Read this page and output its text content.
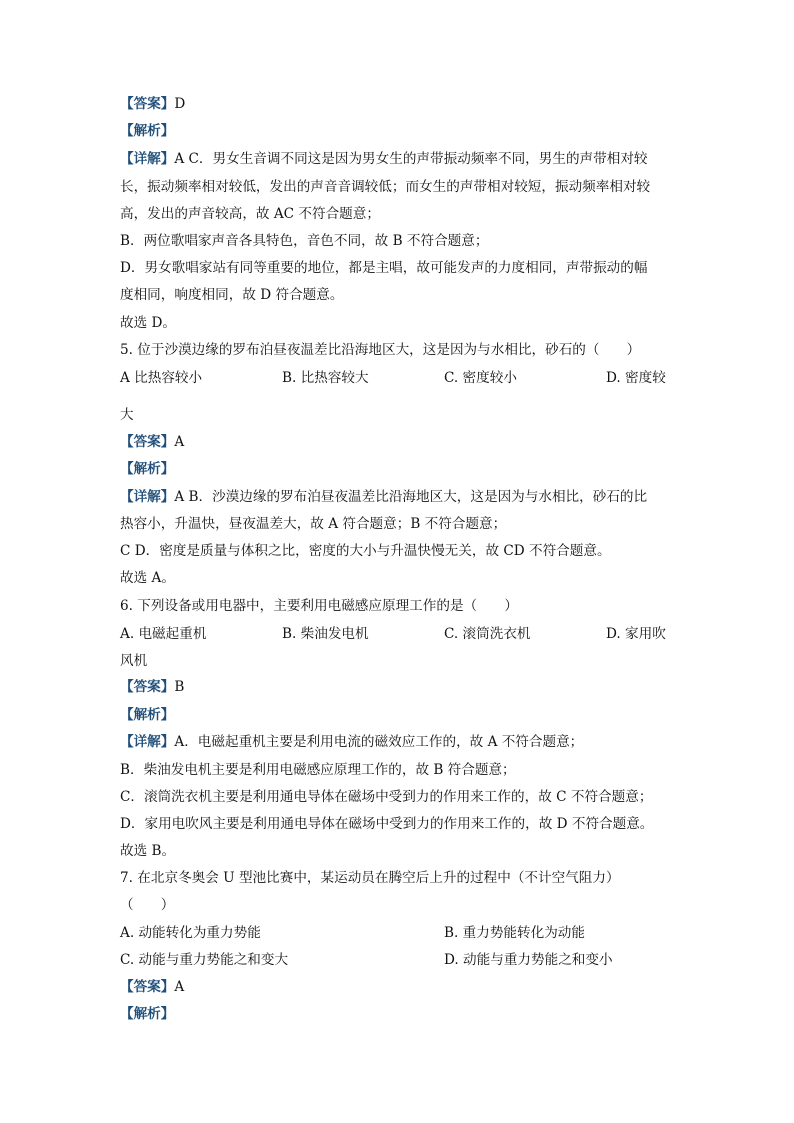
【答案】D
【解析】
【详解】A C．男女生音调不同这是因为男女生的声带振动频率不同，男生的声带相对较
长，振动频率相对较低，发出的声音音调较低；而女生的声带相对较短，振动频率相对较
高，发出的声音较高，故 AC 不符合题意；
B．两位歌唱家声音各具特色，音色不同，故 B 不符合题意；
D．男女歌唱家站有同等重要的地位，都是主唱，故可能发声的力度相同，声带振动的幅
度相同，响度相同，故 D 符合题意。
故选 D。
5. 位于沙漠边缘的罗布泊昼夜温差比沿海地区大，这是因为与水相比，砂石的（　　）
A 比热容较小	B. 比热容较大	C. 密度较小	D. 密度较
大
【答案】A
【解析】
【详解】A B．沙漠边缘的罗布泊昼夜温差比沿海地区大，这是因为与水相比，砂石的比
热容小，升温快，昼夜温差大，故 A 符合题意；B 不符合题意；
C D．密度是质量与体积之比，密度的大小与升温快慢无关，故 CD 不符合题意。
故选 A。
6. 下列设备或用电器中，主要利用电磁感应原理工作的是（　　）
A. 电磁起重机	B. 柴油发电机	C. 滚筒洗衣机	D. 家用吹
风机
【答案】B
【解析】
【详解】A．电磁起重机主要是利用电流的磁效应工作的，故 A 不符合题意；
B．柴油发电机主要是利用电磁感应原理工作的，故 B 符合题意；
C．滚筒洗衣机主要是利用通电导体在磁场中受到力的作用来工作的，故 C 不符合题意；
D．家用电吹风主要是利用通电导体在磁场中受到力的作用来工作的，故 D 不符合题意。
故选 B。
7. 在北京冬奥会 U 型池比赛中，某运动员在腾空后上升的过程中（不计空气阻力）
（　　）
A. 动能转化为重力势能	B. 重力势能转化为动能
C. 动能与重力势能之和变大	D. 动能与重力势能之和变小
【答案】A
【解析】
